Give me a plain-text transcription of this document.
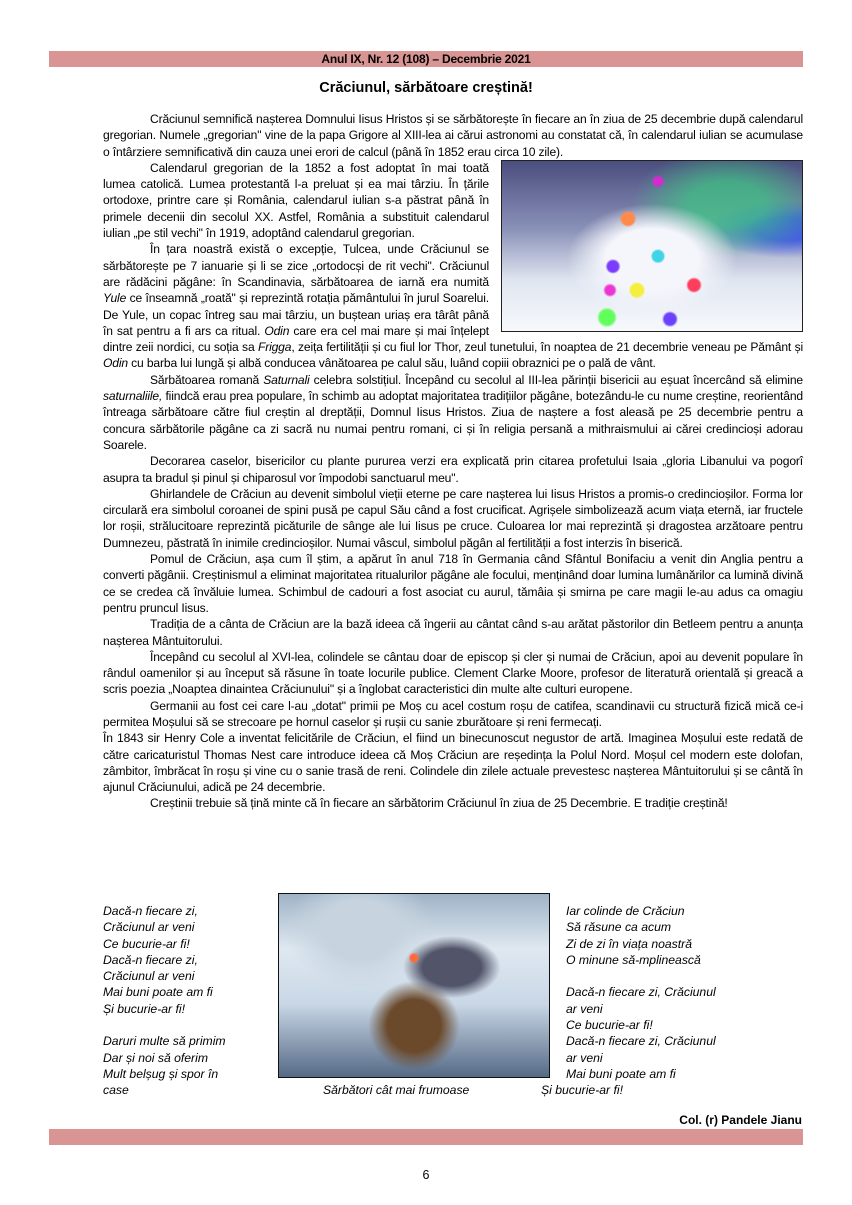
Anul IX, Nr. 12 (108) – Decembrie 2021
Crăciunul, sărbătoare creștină!

Crăciunul semnifică nașterea Domnului Iisus Hristos și se sărbătorește în fiecare an în ziua de 25 decembrie după calendarul gregorian. Numele „gregorian" vine de la papa Grigore al XIII-lea ai cărui astronomi au constatat că, în calendarul iulian se acumulase o întârziere semnificativă din cauza unei erori de calcul (până în 1852 erau circa 10 zile).

Calendarul gregorian de la 1852 a fost adoptat în mai toată lumea catolică. Lumea protestantă l-a preluat și ea mai târziu. În țările ortodoxe, printre care și România, calendarul iulian s-a păstrat până în primele decenii din secolul XX. Astfel, România a substituit calendarul iulian „pe stil vechi" în 1919, adoptând calendarul gregorian.

În țara noastră există o excepție, Tulcea, unde Crăciunul se sărbătorește pe 7 ianuarie și li se zice „ortodocși de rit vechi". Crăciunul are rădăcini păgâne: în Scandinavia, sărbătoarea de iarnă era numită Yule ce înseamnă „roată" și reprezintă rotația pământului în jurul Soarelui. De Yule, un copac întreg sau mai târziu, un buștean uriaș era târât până în sat pentru a fi ars ca ritual. Odin care era cel mai mare și mai înțelept dintre zeii nordici, cu soția sa Frigga, zeița fertilității și cu fiul lor Thor, zeul tunetului, în noaptea de 21 decembrie veneau pe Pământ și Odin cu barba lui lungă și albă conducea vânătoarea pe calul său, luând copiii obraznici pe o pală de vânt.

Sărbătoarea romană Saturnali celebra solstițiul. Începând cu secolul al III-lea părinții bisericii au eșuat încercând să elimine saturnaliile, fiindcă erau prea populare, în schimb au adoptat majoritatea tradițiilor păgâne, botezându-le cu nume creștine, reorientând întreaga sărbătoare către fiul creștin al dreptății, Domnul Iisus Hristos. Ziua de naștere a fost aleasă pe 25 decembrie pentru a concura sărbătorile păgâne ca zi sacră nu numai pentru romani, ci și în religia persană a mithraismului ai cărei credincioși adorau Soarele.

Decorarea caselor, bisericilor cu plante pururea verzi era explicată prin citarea profetului Isaia „gloria Libanului va pogorî asupra ta bradul și pinul și chiparosul vor împodobi sanctuarul meu".

Ghirlandele de Crăciun au devenit simbolul vieții eterne pe care nașterea lui Iisus Hristos a promis-o credincioșilor. Forma lor circulară era simbolul coroanei de spini pusă pe capul Său când a fost crucificat. Agrișele simbolizează acum viața eternă, iar fructele lor roșii, strălucitoare reprezintă picăturile de sânge ale lui Iisus pe cruce. Culoarea lor mai reprezintă și dragostea arzătoare pentru Dumnezeu, păstrată în inimile credincioșilor. Numai vâscul, simbolul păgân al fertilității a fost interzis în biserică.

Pomul de Crăciun, așa cum îl știm, a apărut în anul 718 în Germania când Sfântul Bonifaciu a venit din Anglia pentru a converti păgânii. Creștinismul a eliminat majoritatea ritualurilor păgâne ale focului, menținând doar lumina lumânărilor ca lumină divină ce se credea că învăluie lumea. Schimbul de cadouri a fost asociat cu aurul, tămâia și smirna pe care magii le-au adus ca omagiu pentru pruncul Iisus.

Tradiția de a cânta de Crăciun are la bază ideea că îngerii au cântat când s-au arătat păstorilor din Betleem pentru a anunța nașterea Mântuitorului.

Începând cu secolul al XVI-lea, colindele se cântau doar de episcop și cler și numai de Crăciun, apoi au devenit populare în rândul oamenilor și au început să răsune în toate locurile publice. Clement Clarke Moore, profesor de literatură orientală și greacă a scris poezia „Noaptea dinaintea Crăciunului" și a înglobat caracteristici din multe alte culturi europene.

Germanii au fost cei care l-au „dotat" primii pe Moș cu acel costum roșu de catifea, scandinavii cu structură fizică mică ce-i permitea Moșului să se strecoare pe hornul caselor și rușii cu sanie zburătoare și reni fermecați.

În 1843 sir Henry Cole a inventat felicitările de Crăciun, el fiind un binecunoscut negustor de artă. Imaginea Moșului este redată de către caricaturistul Thomas Nest care introduce ideea că Moș Crăciun are reședința la Polul Nord. Moșul cel modern este dolofan, zâmbitor, îmbrăcat în roșu și vine cu o sanie trasă de reni. Colindele din zilele actuale prevestesc nașterea Mântuitorului și se cântă în ajunul Crăciunului, adică pe 24 decembrie.

Creștinii trebuie să țină minte că în fiecare an sărbătorim Crăciunul în ziua de 25 Decembrie. E tradiție creștină!

Dacă-n fiecare zi,
Crăciunul ar veni
Ce bucurie-ar fi!
Dacă-n fiecare zi,
Crăciunul ar veni
Mai buni poate am fi
Și bucurie-ar fi!
Daruri multe să primim
Dar și noi să oferim
Mult belșug și spor în
case	Sărbători cât mai frumoase
Iar colinde de Crăciun
Să răsune ca acum
Zi de zi în viața noastră
O minune să-mplinească
Dacă-n fiecare zi, Crăciunul
ar veni
Ce bucurie-ar fi!
Dacă-n fiecare zi, Crăciunul
ar veni
Mai buni poate am fi
Și bucurie-ar fi!
Col. (r) Pandele Jianu
6
